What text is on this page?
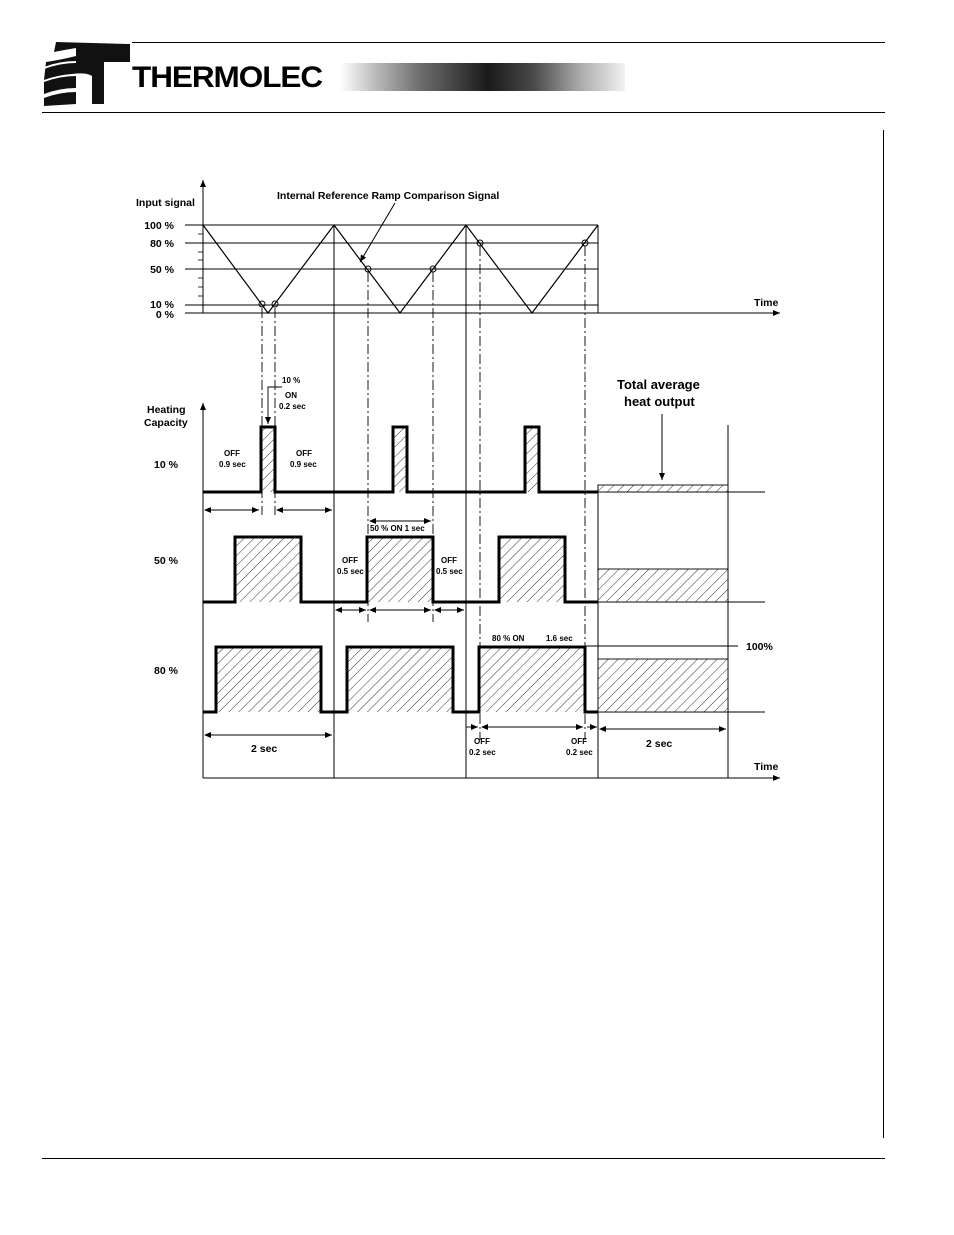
THERMOLEC
Internal Reference Ramp Comparison Signal
Input signal
100 %
80 %
50 %
10 %
0 %
Time
Heating
Capacity
10 %
50 %
80 %
10 %
ON
0.2 sec
OFF
0.9 sec
OFF
0.9 sec
50 % ON 1 sec
OFF
0.5 sec
OFF
0.5 sec
80 % ON	1.6 sec
OFF
0.2 sec
OFF
0.2 sec
2 sec	2 sec
Time
100%
Total average
heat output
